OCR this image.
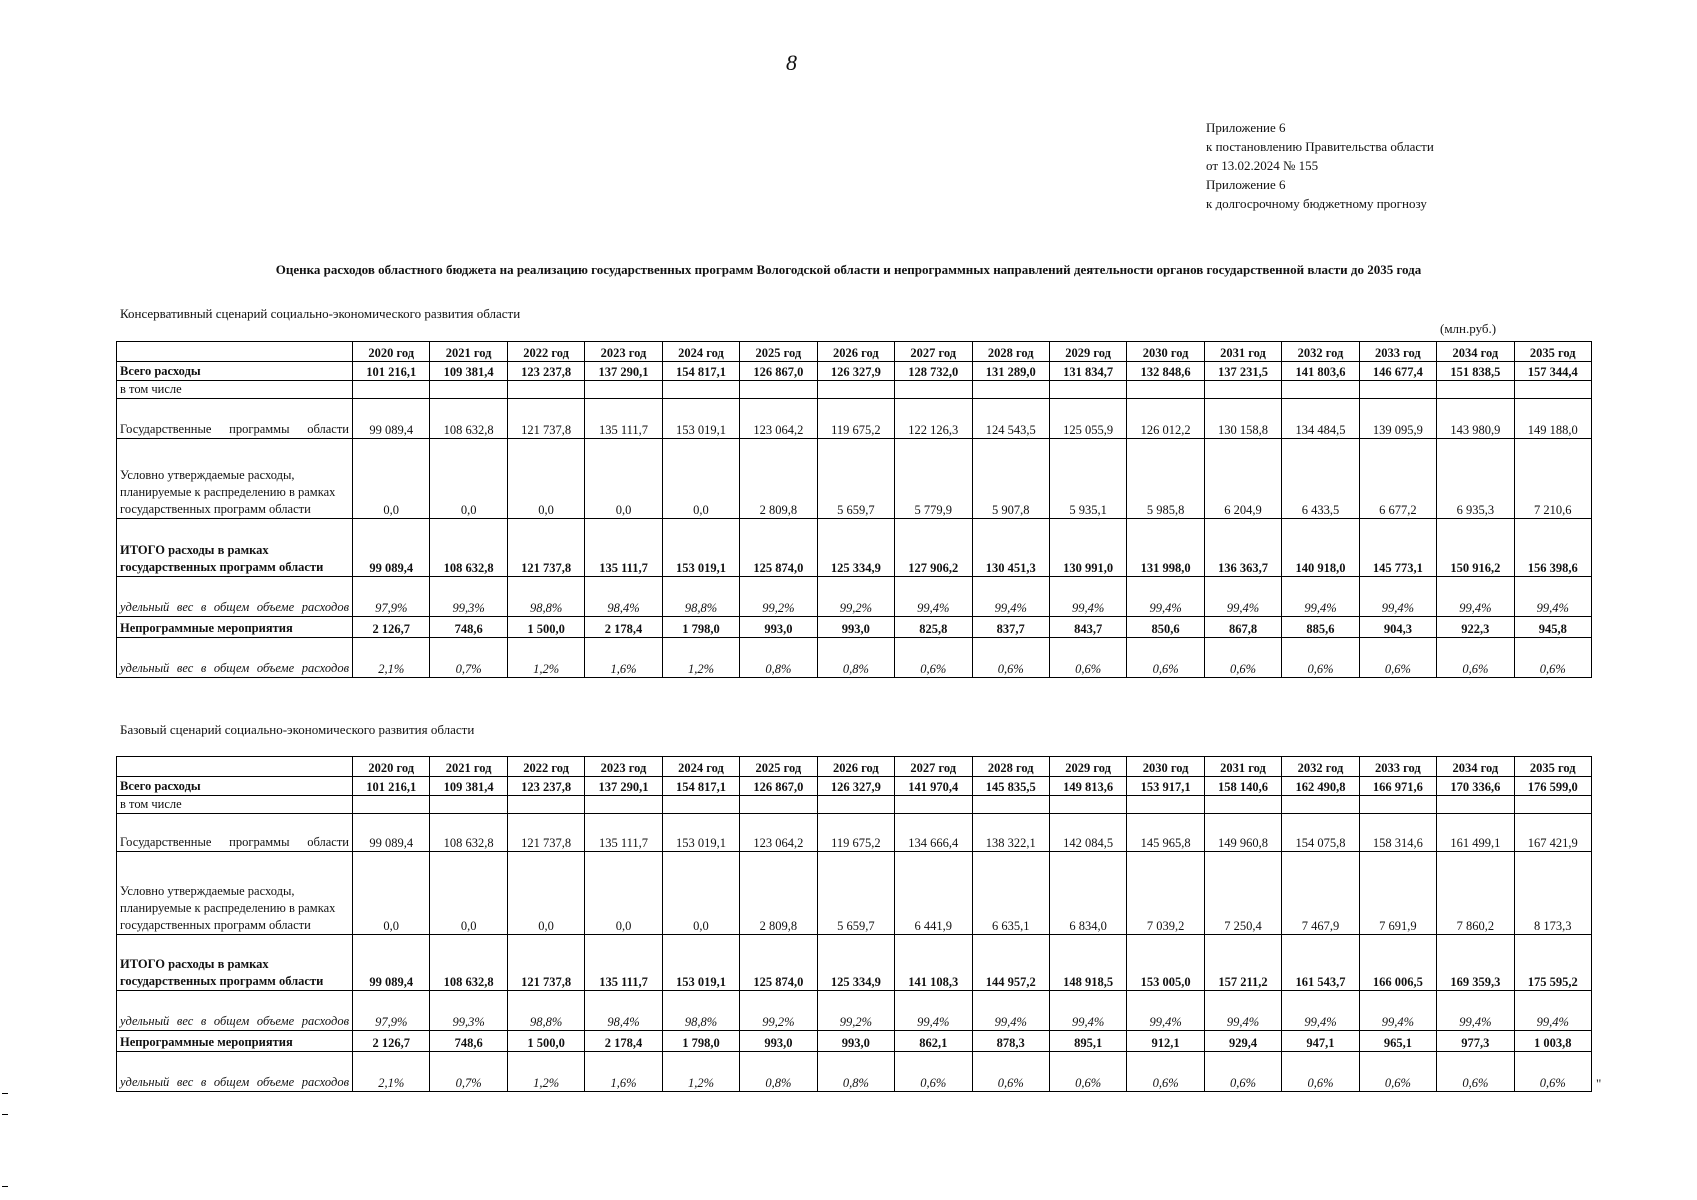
8
Приложение 6
к постановлению Правительства области
от 13.02.2024 № 155
Приложение 6
к долгосрочному бюджетному прогнозу
Оценка расходов областного бюджета на реализацию государственных программ Вологодской области и непрограммных направлений деятельности органов государственной власти до 2035 года
Консервативный сценарий социально-экономического развития области
(млн.руб.)
	2020 год	2021 год	2022 год	2023 год	2024 год	2025 год	2026 год	2027 год	2028 год	2029 год	2030 год	2031 год	2032 год	2033 год	2034 год	2035 год
Всего расходы	101 216,1	109 381,4	123 237,8	137 290,1	154 817,1	126 867,0	126 327,9	128 732,0	131 289,0	131 834,7	132 848,6	137 231,5	141 803,6	146 677,4	151 838,5	157 344,4
в том числе																
Государственные программы области	99 089,4	108 632,8	121 737,8	135 111,7	153 019,1	123 064,2	119 675,2	122 126,3	124 543,5	125 055,9	126 012,2	130 158,8	134 484,5	139 095,9	143 980,9	149 188,0
Условно утверждаемые расходы, планируемые к распределению в рамках государственных программ области	0,0	0,0	0,0	0,0	0,0	2 809,8	5 659,7	5 779,9	5 907,8	5 935,1	5 985,8	6 204,9	6 433,5	6 677,2	6 935,3	7 210,6
ИТОГО расходы в рамках государственных программ области	99 089,4	108 632,8	121 737,8	135 111,7	153 019,1	125 874,0	125 334,9	127 906,2	130 451,3	130 991,0	131 998,0	136 363,7	140 918,0	145 773,1	150 916,2	156 398,6
удельный вес в общем объеме расходов	97,9%	99,3%	98,8%	98,4%	98,8%	99,2%	99,2%	99,4%	99,4%	99,4%	99,4%	99,4%	99,4%	99,4%	99,4%	99,4%
Непрограммные мероприятия	2 126,7	748,6	1 500,0	2 178,4	1 798,0	993,0	993,0	825,8	837,7	843,7	850,6	867,8	885,6	904,3	922,3	945,8
удельный вес в общем объеме расходов	2,1%	0,7%	1,2%	1,6%	1,2%	0,8%	0,8%	0,6%	0,6%	0,6%	0,6%	0,6%	0,6%	0,6%	0,6%	0,6%
Базовый сценарий социально-экономического развития области
	2020 год	2021 год	2022 год	2023 год	2024 год	2025 год	2026 год	2027 год	2028 год	2029 год	2030 год	2031 год	2032 год	2033 год	2034 год	2035 год
Всего расходы	101 216,1	109 381,4	123 237,8	137 290,1	154 817,1	126 867,0	126 327,9	141 970,4	145 835,5	149 813,6	153 917,1	158 140,6	162 490,8	166 971,6	170 336,6	176 599,0
в том числе																
Государственные программы области	99 089,4	108 632,8	121 737,8	135 111,7	153 019,1	123 064,2	119 675,2	134 666,4	138 322,1	142 084,5	145 965,8	149 960,8	154 075,8	158 314,6	161 499,1	167 421,9
Условно утверждаемые расходы, планируемые к распределению в рамках государственных программ области	0,0	0,0	0,0	0,0	0,0	2 809,8	5 659,7	6 441,9	6 635,1	6 834,0	7 039,2	7 250,4	7 467,9	7 691,9	7 860,2	8 173,3
ИТОГО расходы в рамках государственных программ области	99 089,4	108 632,8	121 737,8	135 111,7	153 019,1	125 874,0	125 334,9	141 108,3	144 957,2	148 918,5	153 005,0	157 211,2	161 543,7	166 006,5	169 359,3	175 595,2
удельный вес в общем объеме расходов	97,9%	99,3%	98,8%	98,4%	98,8%	99,2%	99,2%	99,4%	99,4%	99,4%	99,4%	99,4%	99,4%	99,4%	99,4%	99,4%
Непрограммные мероприятия	2 126,7	748,6	1 500,0	2 178,4	1 798,0	993,0	993,0	862,1	878,3	895,1	912,1	929,4	947,1	965,1	977,3	1 003,8
удельный вес в общем объеме расходов	2,1%	0,7%	1,2%	1,6%	1,2%	0,8%	0,8%	0,6%	0,6%	0,6%	0,6%	0,6%	0,6%	0,6%	0,6%	0,6% "
